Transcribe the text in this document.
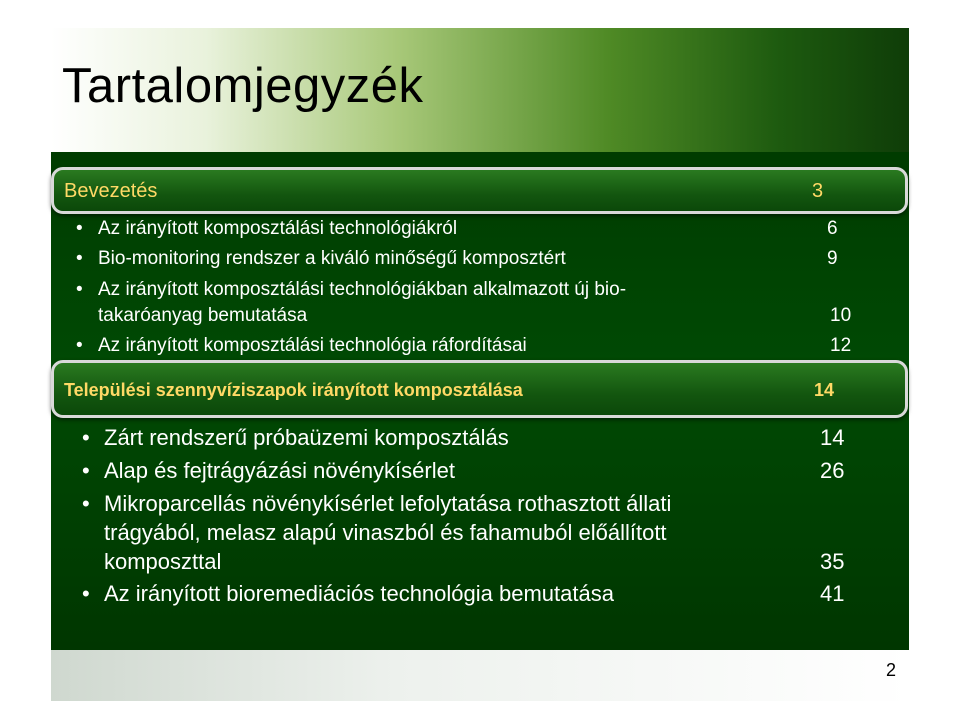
Tartalomjegyzék
Bevezetés	3
• Az irányított komposztálási technológiákról	6
• Bio-monitoring rendszer a kiváló minőségű komposztért	9
• Az irányított komposztálási technológiákban alkalmazott új bio-
takaróanyag bemutatása	10
• Az irányított komposztálási technológia ráfordításai	12
Települési szennyvíziszapok irányított komposztálása	14
• Zárt rendszerű próbaüzemi komposztálás	14
• Alap és fejtrágyázási növénykísérlet	26
• Mikroparcellás növénykísérlet lefolytatása rothasztott állati
trágyából, melasz alapú vinaszból és fahamuból előállított
komposzttal	35
• Az irányított bioremediációs technológia bemutatása	41
2
